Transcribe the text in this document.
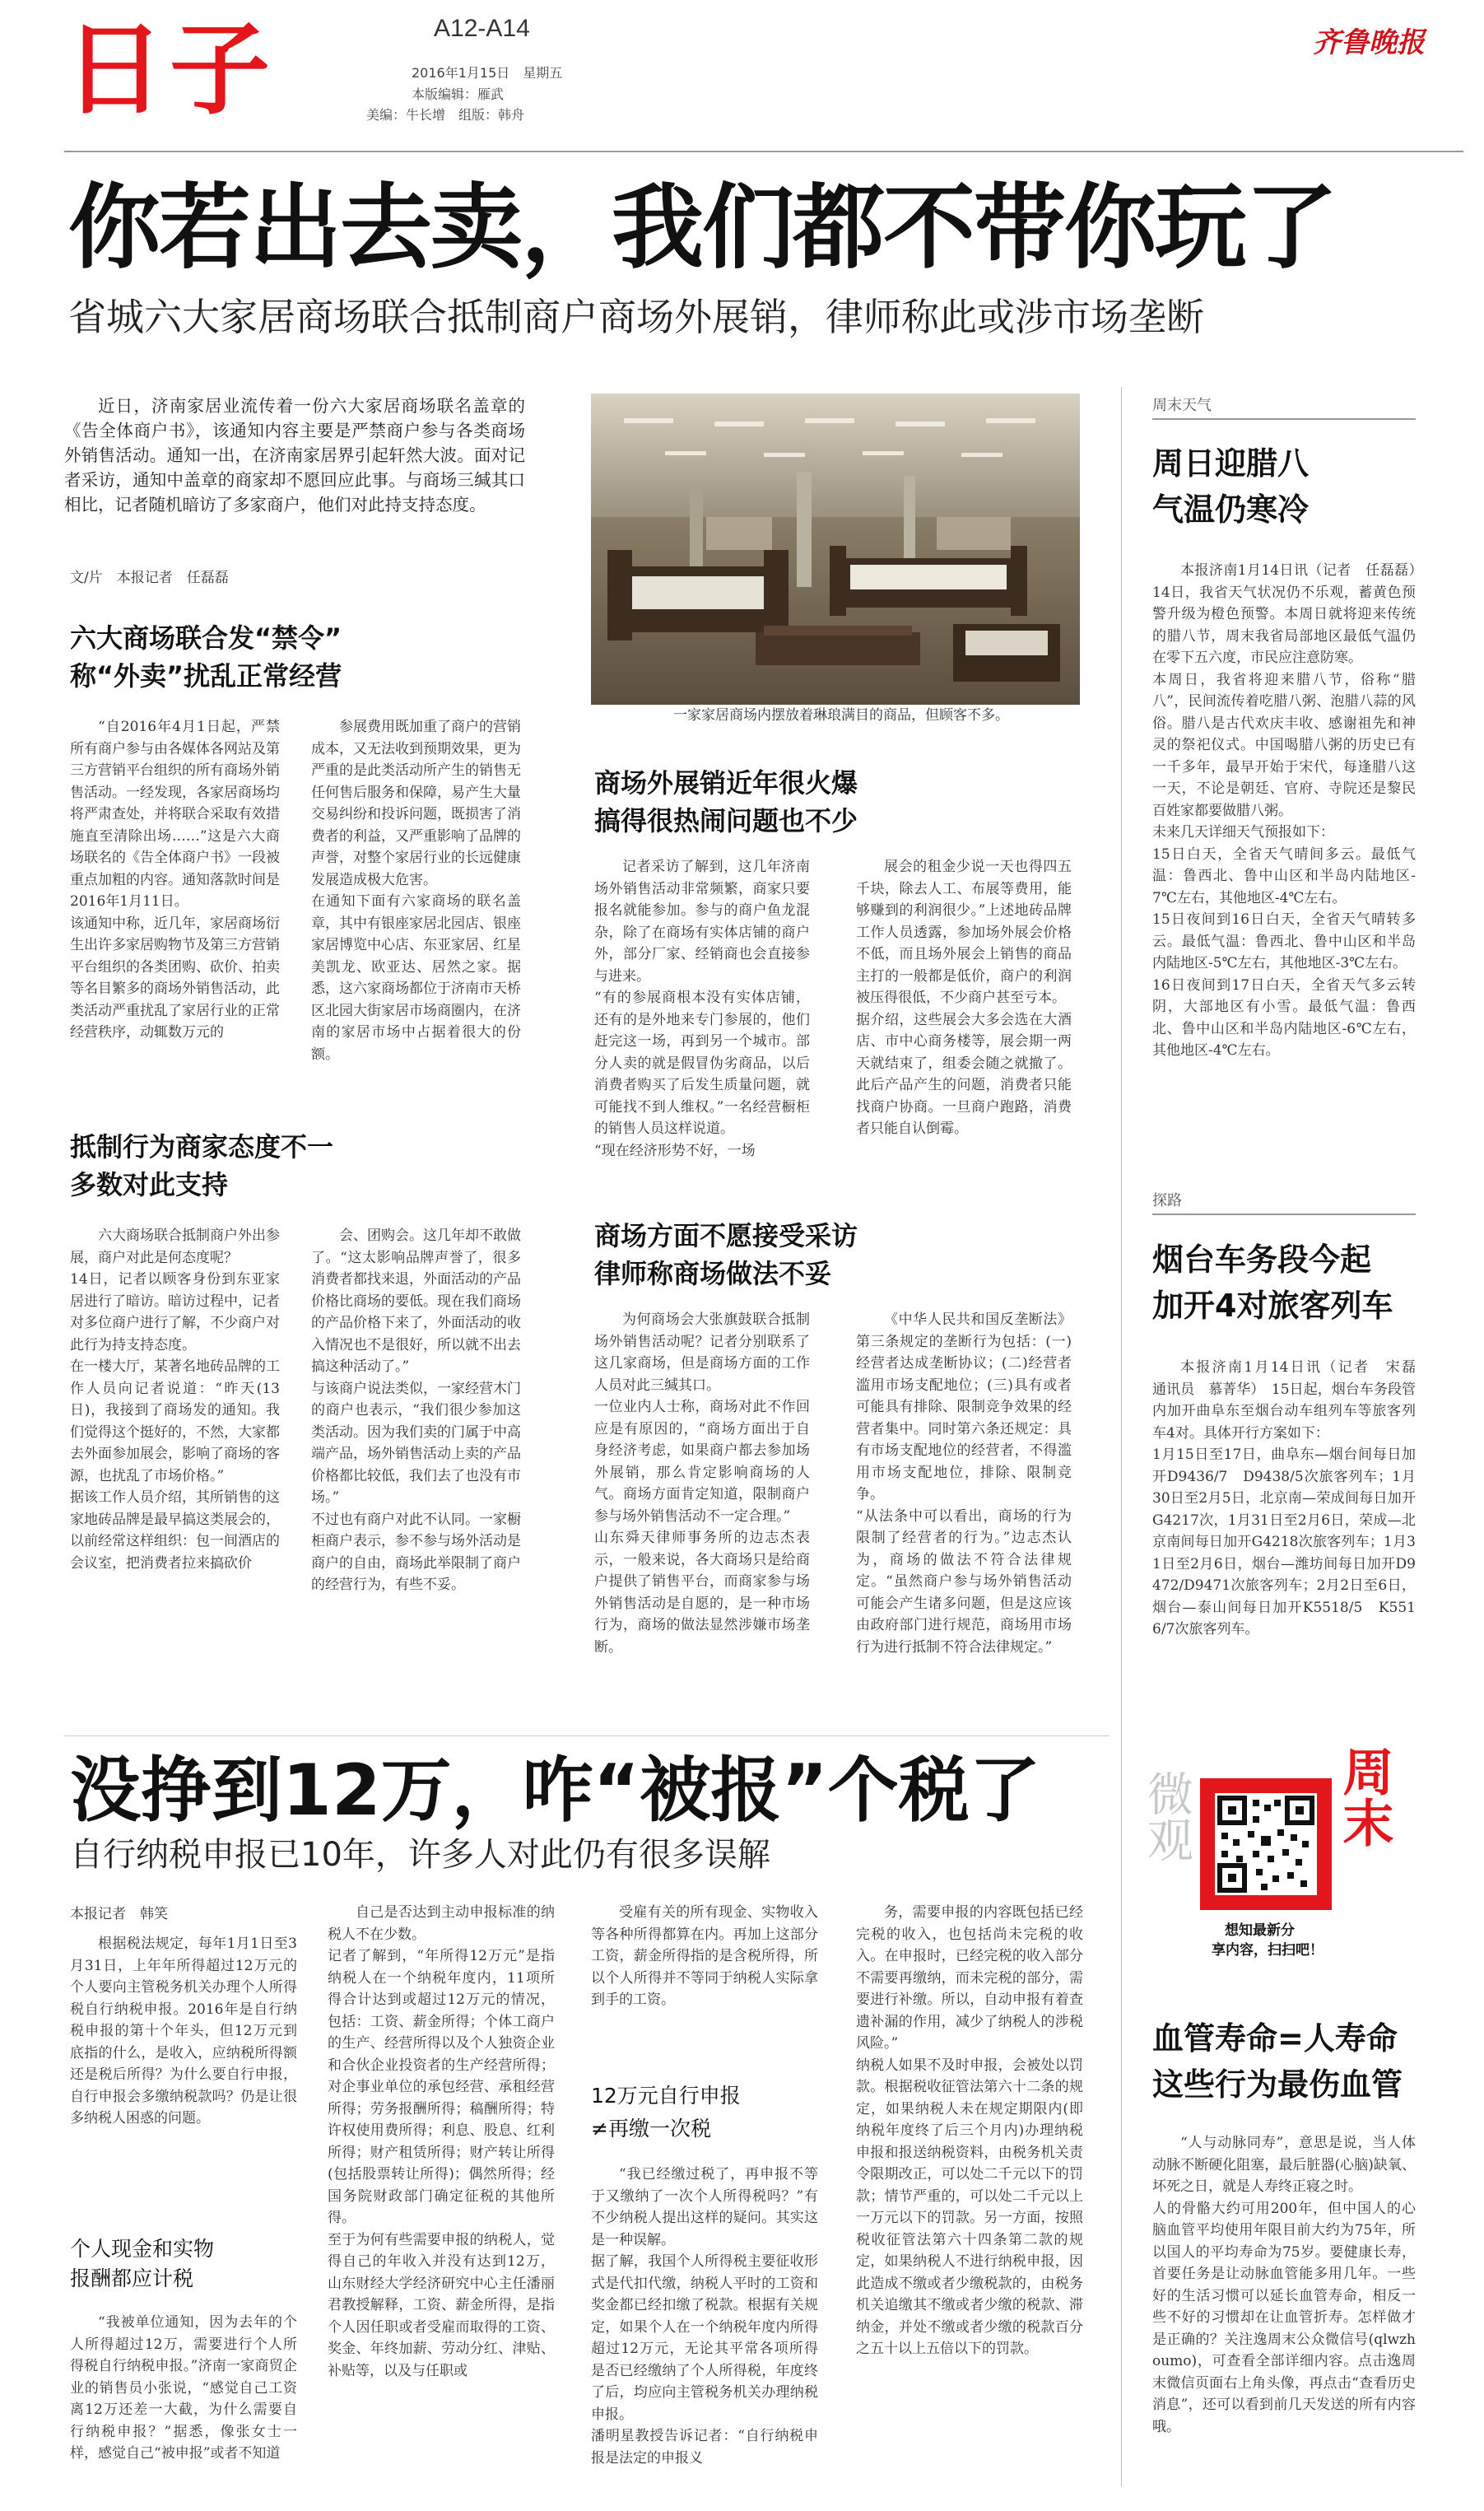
日子	A12-A14
2016年1月15日　星期五
本版编辑：雁武
美编：牛长增　组版：韩舟
齐鲁晚报
你若出去卖，我们都不带你玩了
省城六大家居商场联合抵制商户商场外展销，律师称此或涉市场垄断

近日，济南家居业流传着一份六大家居商场联名盖章的《告全体商户书》，该通知内容主要是严禁商户参与各类商场外销售活动。通知一出，在济南家居界引起轩然大波。面对记者采访，通知中盖章的商家却不愿回应此事。与商场三缄其口相比，记者随机暗访了多家商户，他们对此持支持态度。

文/片　本报记者　任磊磊
一家家居商场内摆放着琳琅满目的商品，但顾客不多。
六大商场联合发“禁令”
称“外卖”扰乱正常经营

“自2016年4月1日起，严禁所有商户参与由各媒体各网站及第三方营销平台组织的所有商场外销售活动。一经发现，各家居商场均将严肃查处，并将联合采取有效措施直至清除出场……”这是六大商场联名的《告全体商户书》一段被重点加粗的内容。通知落款时间是2016年1月11日。
该通知中称，近几年，家居商场衍生出许多家居购物节及第三方营销平台组织的各类团购、砍价、拍卖等名目繁多的商场外销售活动，此类活动严重扰乱了家居行业的正常经营秩序，动辄数万元的

参展费用既加重了商户的营销成本，又无法收到预期效果，更为严重的是此类活动所产生的销售无任何售后服务和保障，易产生大量交易纠纷和投诉问题，既损害了消费者的利益，又严重影响了品牌的声誉，对整个家居行业的长远健康发展造成极大危害。
在通知下面有六家商场的联名盖章，其中有银座家居北园店、银座家居博览中心店、东亚家居、红星美凯龙、欧亚达、居然之家。据悉，这六家商场都位于济南市天桥区北园大街家居市场商圈内，在济南的家居市场中占据着很大的份额。

抵制行为商家态度不一
多数对此支持

六大商场联合抵制商户外出参展，商户对此是何态度呢？
14日，记者以顾客身份到东亚家居进行了暗访。暗访过程中，记者对多位商户进行了解，不少商户对此行为持支持态度。
在一楼大厅，某著名地砖品牌的工作人员向记者说道：“昨天(13日)，我接到了商场发的通知。我们觉得这个挺好的，不然，大家都去外面参加展会，影响了商场的客源，也扰乱了市场价格。”
据该工作人员介绍，其所销售的这家地砖品牌是最早搞这类展会的，以前经常这样组织：包一间酒店的会议室，把消费者拉来搞砍价

会、团购会。这几年却不敢做了。“这太影响品牌声誉了，很多消费者都找来退，外面活动的产品价格比商场的要低。现在我们商场的产品价格下来了，外面活动的收入情况也不是很好，所以就不出去搞这种活动了。”
与该商户说法类似，一家经营木门的商户也表示，“我们很少参加这类活动。因为我们卖的门属于中高端产品，场外销售活动上卖的产品价格都比较低，我们去了也没有市场。”
不过也有商户对此不认同。一家橱柜商户表示，参不参与场外活动是商户的自由，商场此举限制了商户的经营行为，有些不妥。

商场外展销近年很火爆
搞得很热闹问题也不少

记者采访了解到，这几年济南场外销售活动非常频繁，商家只要报名就能参加。参与的商户鱼龙混杂，除了在商场有实体店铺的商户外，部分厂家、经销商也会直接参与进来。
“有的参展商根本没有实体店铺，还有的是外地来专门参展的，他们赶完这一场，再到另一个城市。部分人卖的就是假冒伪劣商品，以后消费者购买了后发生质量问题，就可能找不到人维权。”一名经营橱柜的销售人员这样说道。
“现在经济形势不好，一场

展会的租金少说一天也得四五千块，除去人工、布展等费用，能够赚到的利润很少。”上述地砖品牌工作人员透露，参加场外展会价格不低，而且场外展会上销售的商品主打的一般都是低价，商户的利润被压得很低，不少商户甚至亏本。
据介绍，这些展会大多会选在大酒店、市中心商务楼等，展会期一两天就结束了，组委会随之就撤了。此后产品产生的问题，消费者只能找商户协商。一旦商户跑路，消费者只能自认倒霉。

商场方面不愿接受采访
律师称商场做法不妥

为何商场会大张旗鼓联合抵制场外销售活动呢？记者分别联系了这几家商场，但是商场方面的工作人员对此三缄其口。
一位业内人士称，商场对此不作回应是有原因的，“商场方面出于自身经济考虑，如果商户都去参加场外展销，那么肯定影响商场的人气。商场方面肯定知道，限制商户参与场外销售活动不一定合理。”
山东舜天律师事务所的边志杰表示，一般来说，各大商场只是给商户提供了销售平台，而商家参与场外销售活动是自愿的，是一种市场行为，商场的做法显然涉嫌市场垄断。

《中华人民共和国反垄断法》第三条规定的垄断行为包括：(一)经营者达成垄断协议；(二)经营者滥用市场支配地位；(三)具有或者可能具有排除、限制竞争效果的经营者集中。同时第六条还规定：具有市场支配地位的经营者，不得滥用市场支配地位，排除、限制竞争。
“从法条中可以看出，商场的行为限制了经营者的行为。”边志杰认为，商场的做法不符合法律规定。“虽然商户参与场外销售活动可能会产生诸多问题，但是这应该由政府部门进行规范，商场用市场行为进行抵制不符合法律规定。”

周末天气
周日迎腊八
气温仍寒冷

本报济南1月14日讯（记者　任磊磊）　14日，我省天气状况仍不乐观，蓄黄色预警升级为橙色预警。本周日就将迎来传统的腊八节，周末我省局部地区最低气温仍在零下五六度，市民应注意防寒。
本周日，我省将迎来腊八节，俗称“腊八”，民间流传着吃腊八粥、泡腊八蒜的风俗。腊八是古代欢庆丰收、感谢祖先和神灵的祭祀仪式。中国喝腊八粥的历史已有一千多年，最早开始于宋代，每逢腊八这一天，不论是朝廷、官府、寺院还是黎民百姓家都要做腊八粥。
未来几天详细天气预报如下：
15日白天，全省天气晴间多云。最低气温：鲁西北、鲁中山区和半岛内陆地区-7℃左右，其他地区-4℃左右。
15日夜间到16日白天，全省天气晴转多云。最低气温：鲁西北、鲁中山区和半岛内陆地区-5℃左右，其他地区-3℃左右。
16日夜间到17日白天，全省天气多云转阴，大部地区有小雪。最低气温：鲁西北、鲁中山区和半岛内陆地区-6℃左右，其他地区-4℃左右。

探路
烟台车务段今起
加开4对旅客列车

本报济南1月14日讯（记者　宋磊　通讯员　慕菁华）　15日起，烟台车务段管内加开曲阜东至烟台动车组列车等旅客列车4对。具体开行方案如下：
1月15日至17日，曲阜东—烟台间每日加开D9436/7　D9438/5次旅客列车；1月30日至2月5日，北京南—荣成间每日加开G4217次，1月31日至2月6日，荣成—北京南间每日加开G4218次旅客列车；1月31日至2月6日，烟台—潍坊间每日加开D9472/D9471次旅客列车；2月2日至6日，烟台—泰山间每日加开K5518/5　K5516/7次旅客列车。

微观	周末
想知最新分
享内容，扫扫吧！
血管寿命=人寿命
这些行为最伤血管

“人与动脉同寿”，意思是说，当人体动脉不断硬化阻塞，最后脏器(心脑)缺氧、坏死之日，就是人寿终正寝之时。
人的骨骼大约可用200年，但中国人的心脑血管平均使用年限目前大约为75年，所以国人的平均寿命为75岁。要健康长寿，首要任务是让动脉血管能多用几年。一些好的生活习惯可以延长血管寿命，相反一些不好的习惯却在让血管折寿。怎样做才是正确的？关注逸周末公众微信号(qlwzhoumo)，可查看全部详细内容。点击逸周末微信页面右上角头像，再点击“查看历史消息”，还可以看到前几天发送的所有内容哦。

没挣到12万，咋“被报”个税了
自行纳税申报已10年，许多人对此仍有很多误解
本报记者　韩笑

根据税法规定，每年1月1日至3月31日，上年年所得超过12万元的个人要向主管税务机关办理个人所得税自行纳税申报。2016年是自行纳税申报的第十个年头，但12万元到底指的什么，是收入，应纳税所得额还是税后所得？为什么要自行申报，自行申报会多缴纳税款吗？仍是让很多纳税人困惑的问题。

个人现金和实物
报酬都应计税

“我被单位通知，因为去年的个人所得超过12万，需要进行个人所得税自行纳税申报。”济南一家商贸企业的销售员小张说，“感觉自己工资离12万还差一大截，为什么需要自行纳税申报？”据悉，像张女士一样，感觉自己“被申报”或者不知道

自己是否达到主动申报标准的纳税人不在少数。
记者了解到，“年所得12万元”是指纳税人在一个纳税年度内，11项所得合计达到或超过12万元的情况，包括：工资、薪金所得；个体工商户的生产、经营所得以及个人独资企业和合伙企业投资者的生产经营所得；对企事业单位的承包经营、承租经营所得；劳务报酬所得；稿酬所得；特许权使用费所得；利息、股息、红利所得；财产租赁所得；财产转让所得(包括股票转让所得)；偶然所得；经国务院财政部门确定征税的其他所得。
至于为何有些需要申报的纳税人，觉得自己的年收入并没有达到12万，山东财经大学经济研究中心主任潘丽君教授解释，工资、薪金所得，是指个人因任职或者受雇而取得的工资、奖金、年终加薪、劳动分红、津贴、补贴等，以及与任职或

受雇有关的所有现金、实物收入等各种所得都算在内。再加上这部分工资，薪金所得指的是含税所得，所以个人所得并不等同于纳税人实际拿到手的工资。

12万元自行申报
≠再缴一次税

“我已经缴过税了，再申报不等于又缴纳了一次个人所得税吗？”有不少纳税人提出这样的疑问。其实这是一种误解。
据了解，我国个人所得税主要征收形式是代扣代缴，纳税人平时的工资和奖金都已经扣缴了税款。根据有关规定，如果个人在一个纳税年度内所得超过12万元，无论其平常各项所得是否已经缴纳了个人所得税，年度终了后，均应向主管税务机关办理纳税申报。
潘明星教授告诉记者：“自行纳税申报是法定的申报义

务，需要申报的内容既包括已经完税的收入，也包括尚未完税的收入。在申报时，已经完税的收入部分不需要再缴纳，而未完税的部分，需要进行补缴。所以，自动申报有着查遗补漏的作用，减少了纳税人的涉税风险。”
纳税人如果不及时申报，会被处以罚款。根据税收征管法第六十二条的规定，如果纳税人未在规定期限内(即纳税年度终了后三个月内)办理纳税申报和报送纳税资料，由税务机关责令限期改正，可以处二千元以下的罚款；情节严重的，可以处二千元以上一万元以下的罚款。另一方面，按照税收征管法第六十四条第二款的规定，如果纳税人不进行纳税申报，因此造成不缴或者少缴税款的，由税务机关追缴其不缴或者少缴的税款、滞纳金，并处不缴或者少缴的税款百分之五十以上五倍以下的罚款。
